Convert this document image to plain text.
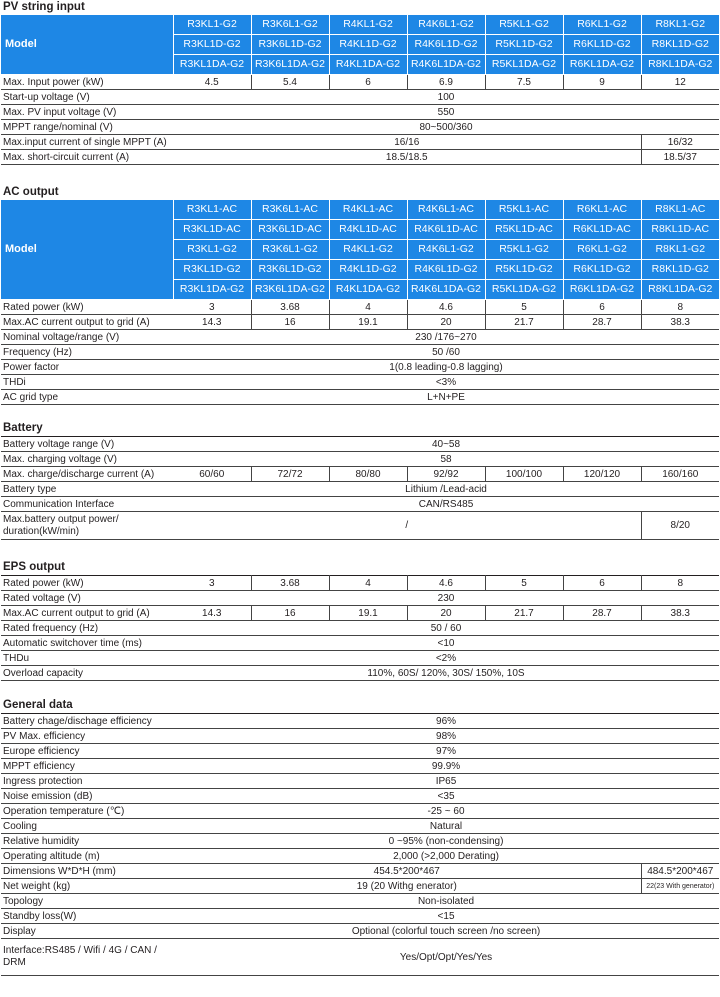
PV string input
Model	R3KL1-G2	R3K6L1-G2	R4KL1-G2	R4K6L1-G2	R5KL1-G2	R6KL1-G2	R8KL1-G2
	R3KL1D-G2	R3K6L1D-G2	R4KL1D-G2	R4K6L1D-G2	R5KL1D-G2	R6KL1D-G2	R8KL1D-G2
	R3KL1DA-G2	R3K6L1DA-G2	R4KL1DA-G2	R4K6L1DA-G2	R5KL1DA-G2	R6KL1DA-G2	R8KL1DA-G2
Max. Input power (kW)	4.5	5.4	6	6.9	7.5	9	12
Start-up voltage (V)	100						
Max. PV input voltage (V)	550						
MPPT range/nominal (V)	80~500/360						
Max.input current of single MPPT (A)	16/16						16/32
Max. short-circuit current (A)	18.5/18.5						18.5/37
AC output
Model	R3KL1-AC	R3K6L1-AC	R4KL1-AC	R4K6L1-AC	R5KL1-AC	R6KL1-AC	R8KL1-AC
	R3KL1D-AC	R3K6L1D-AC	R4KL1D-AC	R4K6L1D-AC	R5KL1D-AC	R6KL1D-AC	R8KL1D-AC
	R3KL1-G2	R3K6L1-G2	R4KL1-G2	R4K6L1-G2	R5KL1-G2	R6KL1-G2	R8KL1-G2
	R3KL1D-G2	R3K6L1D-G2	R4KL1D-G2	R4K6L1D-G2	R5KL1D-G2	R6KL1D-G2	R8KL1D-G2
	R3KL1DA-G2	R3K6L1DA-G2	R4KL1DA-G2	R4K6L1DA-G2	R5KL1DA-G2	R6KL1DA-G2	R8KL1DA-G2
Rated power (kW)	3	3.68	4	4.6	5	6	8
Max.AC current output to grid (A)	14.3	16	19.1	20	21.7	28.7	38.3
Nominal voltage/range (V)	230 /176~270						
Frequency (Hz)	50 /60						
Power factor	1(0.8 leading-0.8 lagging)						
THDi	<3%						
AC grid type	L+N+PE						
Battery
Battery voltage range (V)	40~58						
Max. charging voltage (V)	58						
Max. charge/discharge current (A)	60/60	72/72	80/80	92/92	100/100	120/120	160/160
Battery type	Lithium /Lead-acid						
Communication Interface	CAN/RS485						
Max.battery output power/ duration(kW/min)	/						8/20
EPS output
Rated power (kW)	3	3.68	4	4.6	5	6	8
Rated voltage (V)	230						
Max.AC current output to grid (A)	14.3	16	19.1	20	21.7	28.7	38.3
Rated frequency (Hz)	50 / 60						
Automatic switchover time (ms)	<10						
THDu	<2%						
Overload capacity	110%, 60S/ 120%, 30S/ 150%, 10S						
General data
Battery chage/dischage efficiency	96%	
PV Max. efficiency	98%	
Europe efficiency	97%	
MPPT efficiency	99.9%	
Ingress protection	IP65	
Noise emission (dB)	<35	
Operation temperature (℃)	-25 ~ 60	
Cooling	Natural	
Relative humidity	0 ~95% (non-condensing)	
Operating altitude (m)	2,000 (>2,000 Derating)	
Dimensions W*D*H (mm)	454.5*200*467	484.5*200*467
Net weight (kg)	19 (20 Withg enerator)	22(23 With generator)
Topology	Non-isolated	
Standby loss(W)	<15	
Display	Optional (colorful touch screen /no screen)	
Interface:RS485 / Wifi / 4G / CAN / DRM	Yes/Opt/Opt/Yes/Yes	
